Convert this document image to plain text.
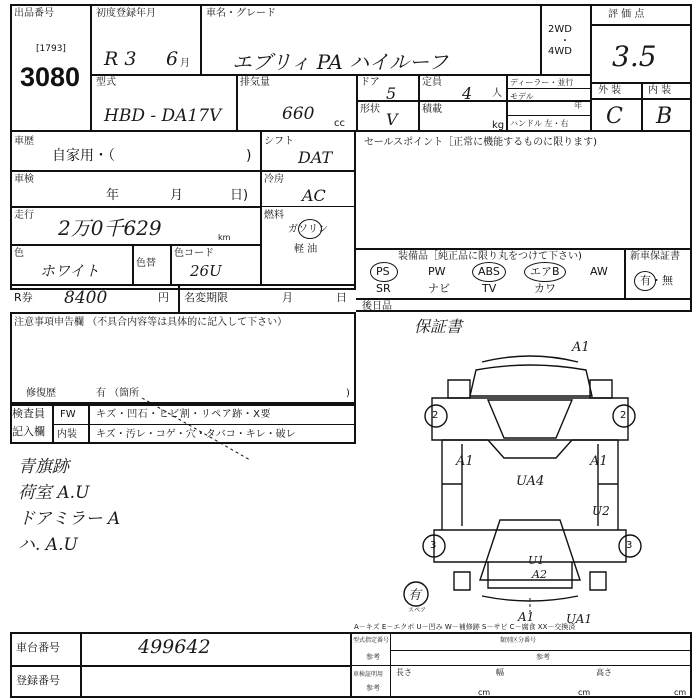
出品番号
[1793]
3080
初度登録年月
R 3 6 月
車名・グレード
エブリィ PA ハイルーフ
2WD
・
4WD
評 価 点
3.5
外 装	内 装
C B
型式
HBD - DA17V
排気量
660 cc
ドア
5
定員
4 人
ディーラー・並行
モデル
年
ハンドル 左・右
形状
V
積載
kg
車歴
自家用・（	)
シフト
DAT
セールスポイント［正常に機能するものに限ります)
車検
年	月	日)
冷房
AC
走行
2万0千629	km
燃料
ガソリン
軽 油
色
ホワイト	色替
色コード
26U
装備品［純正品に限り丸をつけて下さい)	新車保証書
PS	PW	ABS	エアB	AW
SR	ナビ	TV	カワ
有・無
R券 8400	円 名変期限	月	日
後日品
保証書
注意事項申告欄 （不具合内容等は具体的に記入して下さい）
修復歴	有 （箇所	)
検査員
記入欄
FW キズ・凹石・ヒビ割・リペア跡・X要
内装 キズ・汚レ・コゲ・穴・タバコ・キレ・破レ
青旗跡
荷室 A.U
ドアミラー A
ハ. A.U
A1
2	2
A1
UA4
A1
U2
3	3
U1
A2
A1	UA1
有
スペア
A－キズ E－エクボ U－凹み W－補修跡 S－サビ C－腐食 XX－交換済
車台番号	499642
登録番号
型式指定番号
参考
類別区分番号
参考
車検証明用
参考
長さ
cm
幅
cm
高さ
cm
